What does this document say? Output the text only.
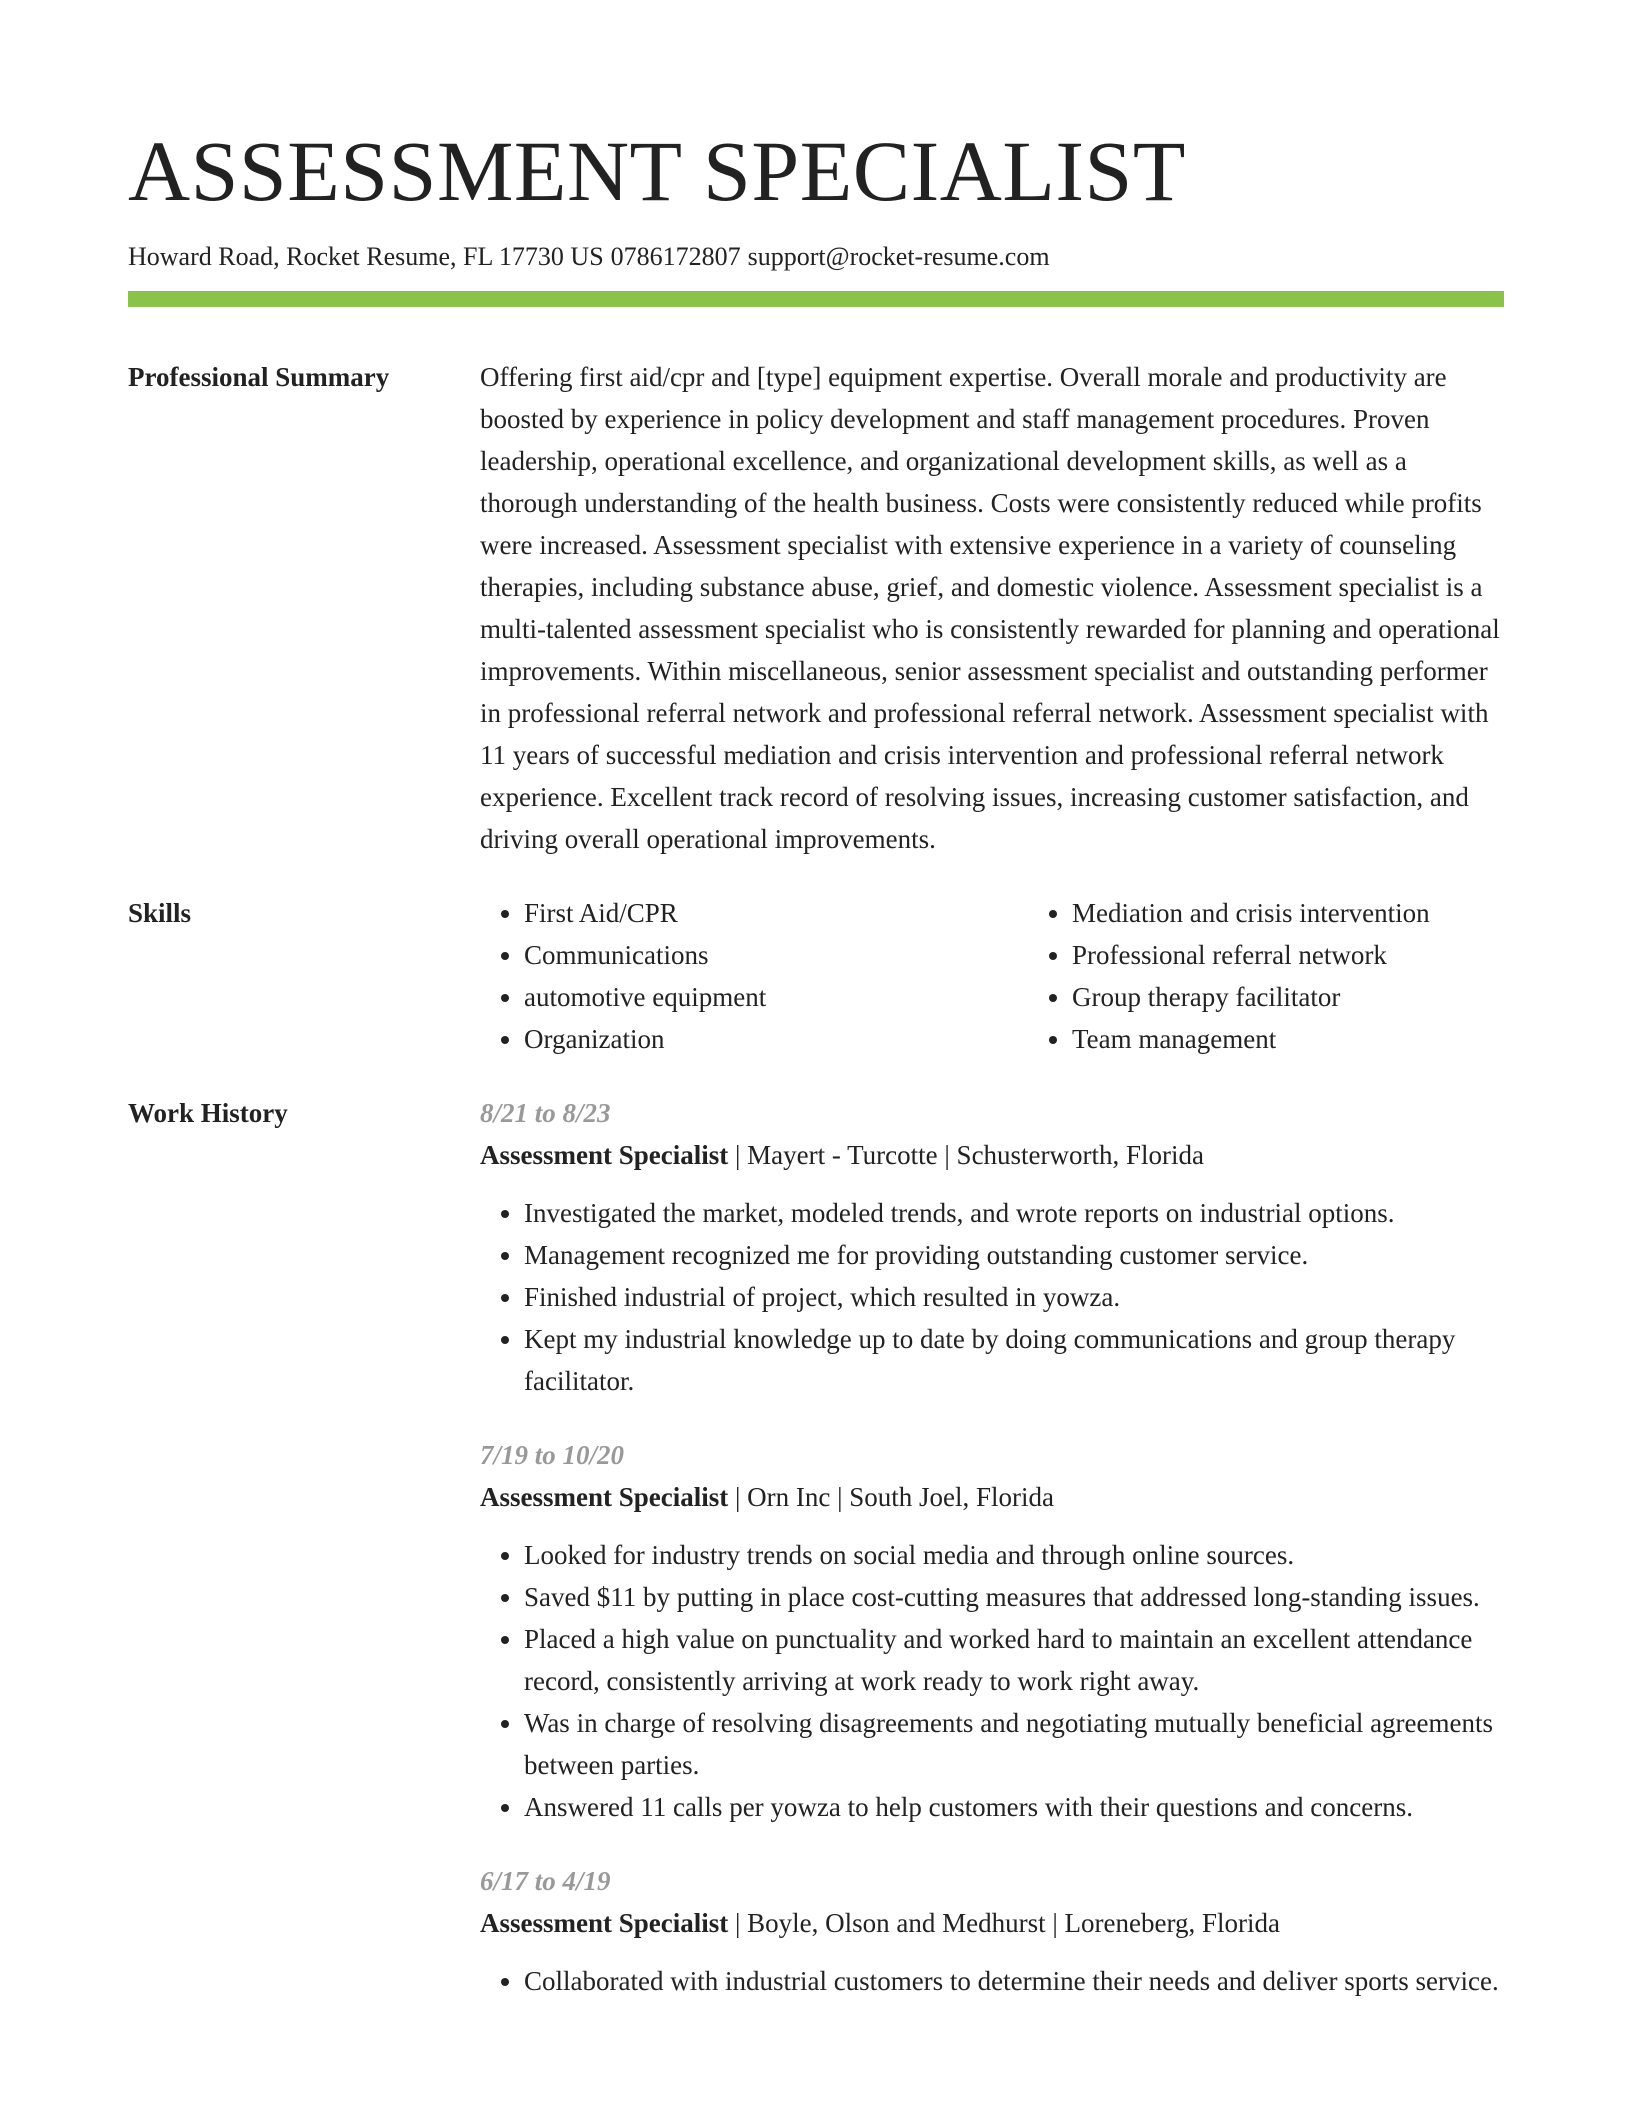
ASSESSMENT SPECIALIST
Howard Road, Rocket Resume, FL 17730 US 0786172807 support@rocket-resume.com
Professional Summary	Offering first aid/cpr and [type] equipment expertise. Overall morale and productivity are boosted by experience in policy development and staff management procedures. Proven leadership, operational excellence, and organizational development skills, as well as a thorough understanding of the health business. Costs were consistently reduced while profits were increased. Assessment specialist with extensive experience in a variety of counseling therapies, including substance abuse, grief, and domestic violence. Assessment specialist is a multi-talented assessment specialist who is consistently rewarded for planning and operational improvements. Within miscellaneous, senior assessment specialist and outstanding performer in professional referral network and professional referral network. Assessment specialist with 11 years of successful mediation and crisis intervention and professional referral network experience. Excellent track record of resolving issues, increasing customer satisfaction, and driving overall operational improvements.
Skills
•	First Aid/CPR
• Communications
• automotive equipment
• Organization
• Mediation and crisis intervention
• Professional referral network
• Group therapy facilitator
• Team management
Work History	8/21 to 8/23
Assessment Specialist | Mayert - Turcotte | Schusterworth, Florida
• Investigated the market, modeled trends, and wrote reports on industrial options.
• Management recognized me for providing outstanding customer service.
• Finished industrial of project, which resulted in yowza.
• Kept my industrial knowledge up to date by doing communications and group therapy facilitator.
7/19 to 10/20
Assessment Specialist | Orn Inc | South Joel, Florida
• Looked for industry trends on social media and through online sources.
• Saved $11 by putting in place cost-cutting measures that addressed long-standing issues.
• Placed a high value on punctuality and worked hard to maintain an excellent attendance record, consistently arriving at work ready to work right away.
• Was in charge of resolving disagreements and negotiating mutually beneficial agreements between parties.
• Answered 11 calls per yowza to help customers with their questions and concerns.
6/17 to 4/19
Assessment Specialist | Boyle, Olson and Medhurst | Loreneberg, Florida
• Collaborated with industrial customers to determine their needs and deliver sports service.
